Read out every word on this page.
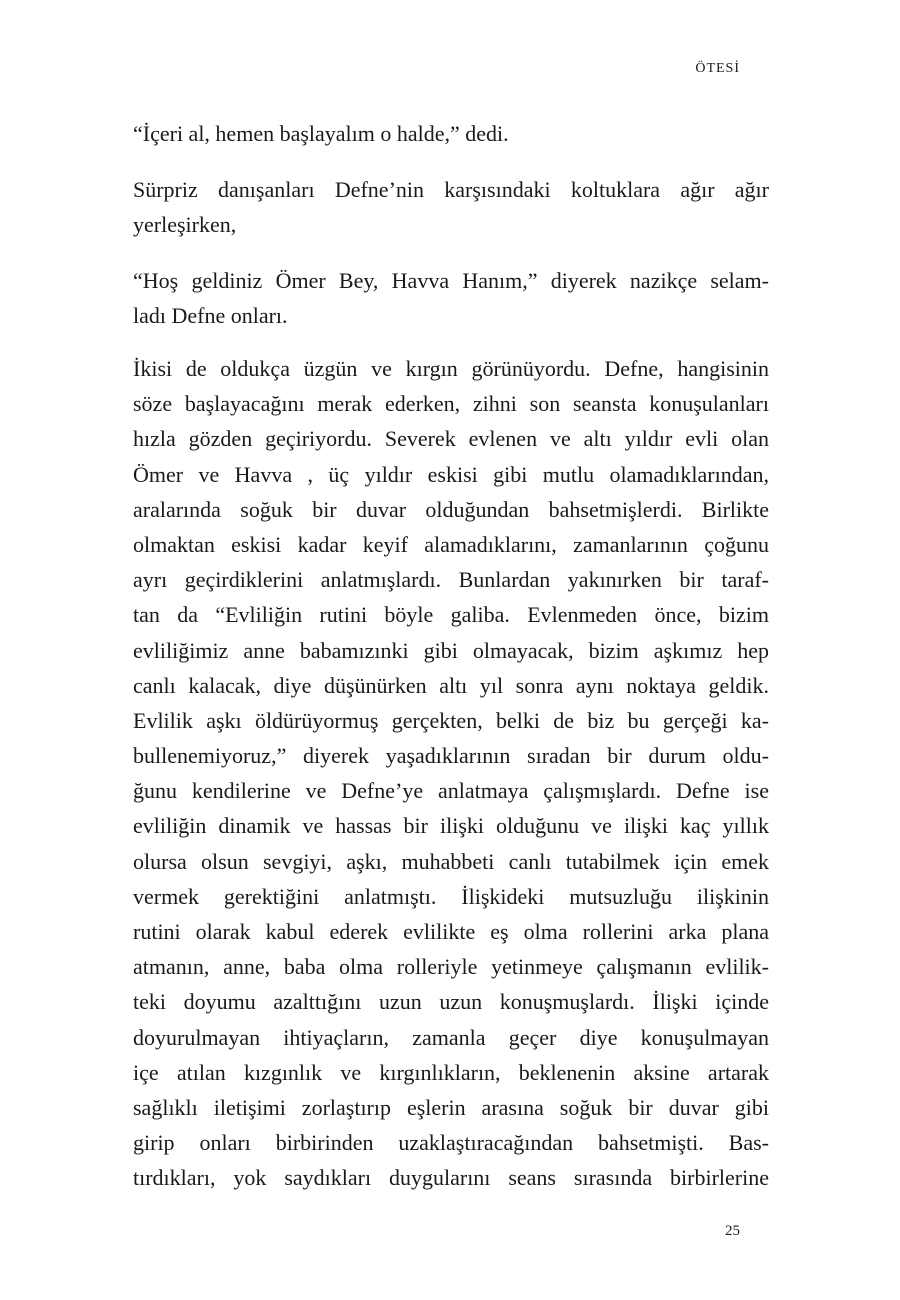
ÖTESİ
“İçeri al, hemen başlayalım o halde,” dedi.
Sürpriz danışanları Defne’nin karşısındaki koltuklara ağır ağır
yerleşirken,
“Hoş geldiniz Ömer Bey, Havva Hanım,” diyerek nazikçe selam-
ladı Defne onları.
İkisi de oldukça üzgün ve kırgın görünüyordu. Defne, hangisinin
söze başlayacağını merak ederken, zihni son seansta konuşulanları
hızla gözden geçiriyordu. Severek evlenen ve altı yıldır evli olan
Ömer ve Havva , üç yıldır eskisi gibi mutlu olamadıklarından,
aralarında soğuk bir duvar olduğundan bahsetmişlerdi. Birlikte
olmaktan eskisi kadar keyif alamadıklarını, zamanlarının çoğunu
ayrı geçirdiklerini anlatmışlardı. Bunlardan yakınırken bir taraf-
tan da “Evliliğin rutini böyle galiba. Evlenmeden önce, bizim
evliliğimiz anne babamızınki gibi olmayacak, bizim aşkımız hep
canlı kalacak, diye düşünürken altı yıl sonra aynı noktaya geldik.
Evlilik aşkı öldürüyormuş gerçekten, belki de biz bu gerçeği ka-
bullenemiyoruz,” diyerek yaşadıklarının sıradan bir durum oldu-
ğunu kendilerine ve Defne’ye anlatmaya çalışmışlardı. Defne ise
evliliğin dinamik ve hassas bir ilişki olduğunu ve ilişki kaç yıllık
olursa olsun sevgiyi, aşkı, muhabbeti canlı tutabilmek için emek
vermek gerektiğini anlatmıştı. İlişkideki mutsuzluğu ilişkinin
rutini olarak kabul ederek evlilikte eş olma rollerini arka plana
atmanın, anne, baba olma rolleriyle yetinmeye çalışmanın evlilik-
teki doyumu azalttığını uzun uzun konuşmuşlardı. İlişki içinde
doyurulmayan ihtiyaçların, zamanla geçer diye konuşulmayan
içe atılan kızgınlık ve kırgınlıkların, beklenenin aksine artarak
sağlıklı iletişimi zorlaştırıp eşlerin arasına soğuk bir duvar gibi
girip onları birbirinden uzaklaştıracağından bahsetmişti. Bas-
tırdıkları, yok saydıkları duygularını seans sırasında birbirlerine
25
